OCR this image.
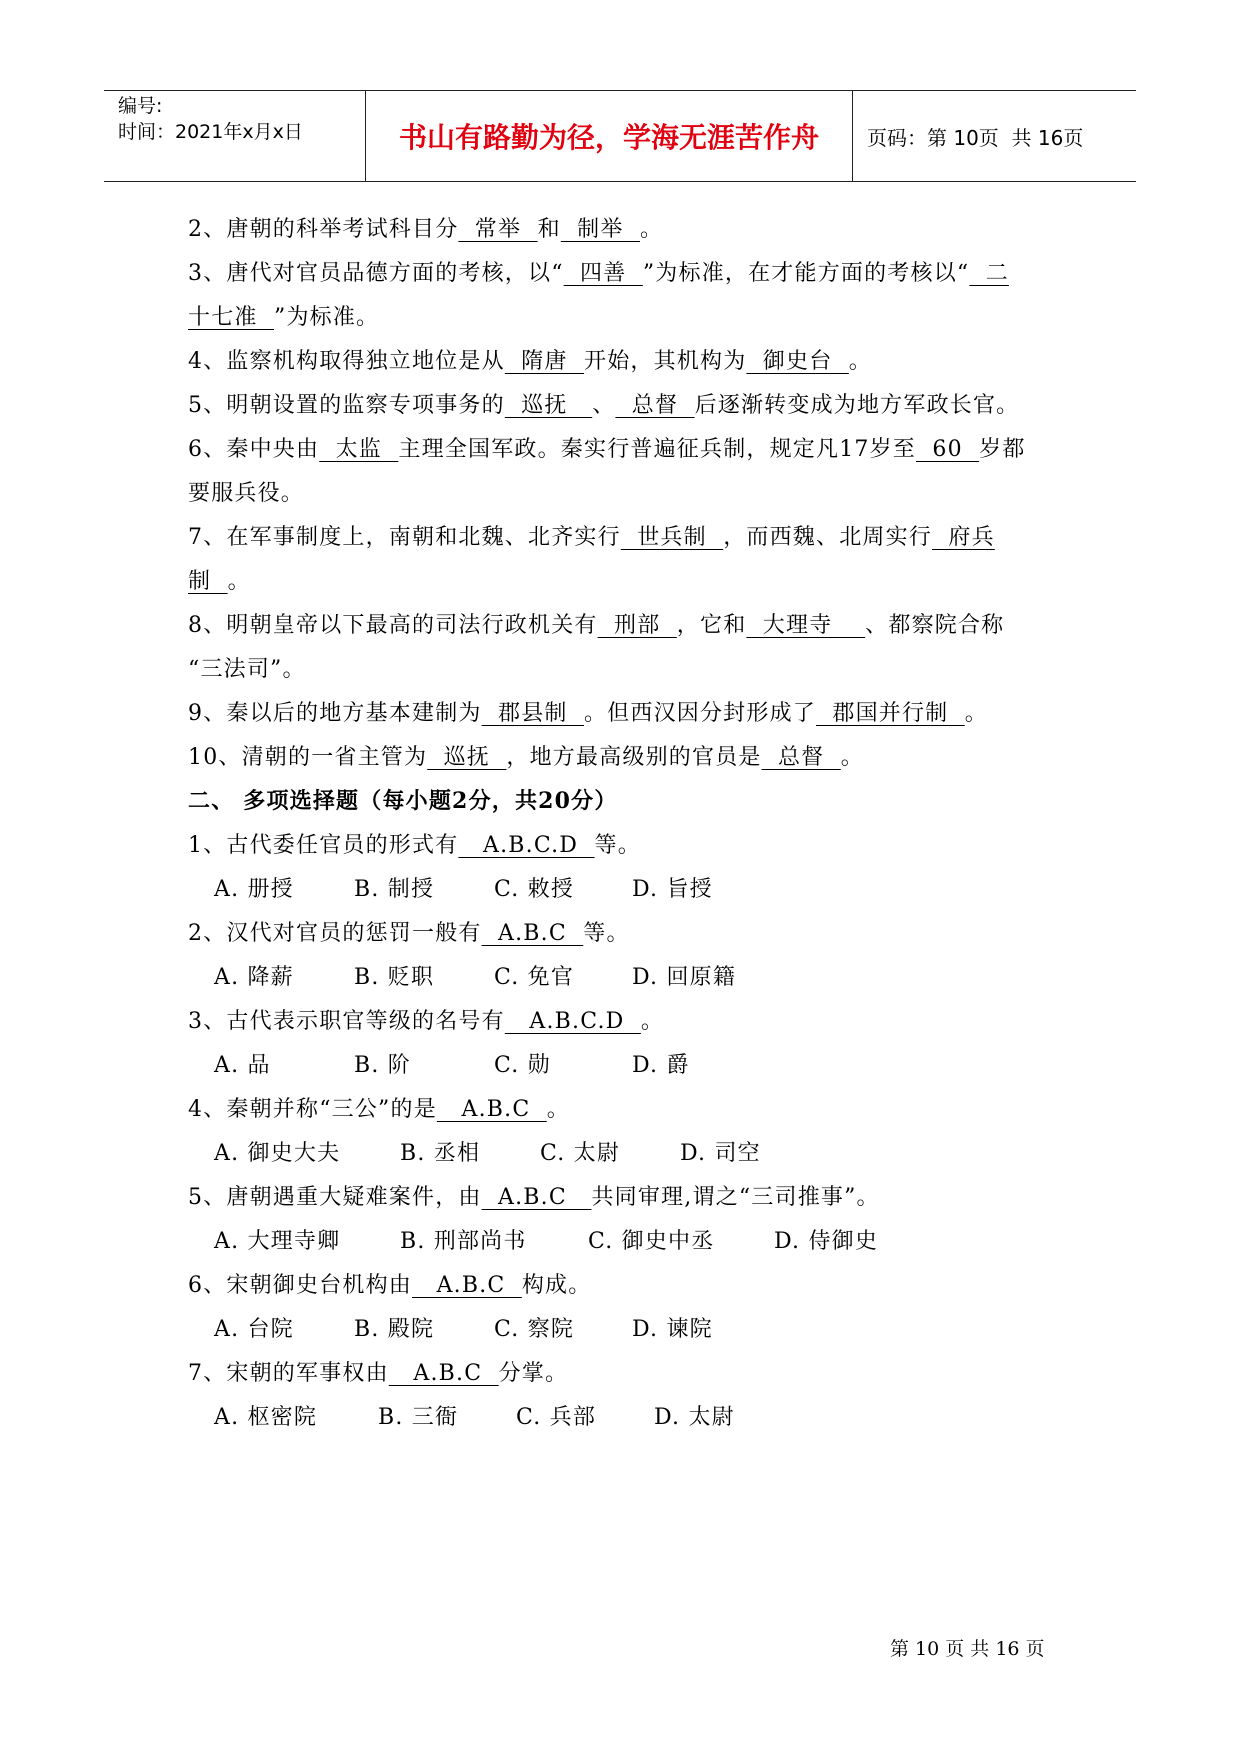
编号:
时间：2021年x月x日	书山有路勤为径，学海无涯苦作舟 页码：第 10页  共 16页
2、唐朝的科举考试科目分  常举  和  制举  。
3、唐代对官员品德方面的考核，以“  四善  ”为标准，在才能方面的考核以“  二
十七准  ”为标准。
4、监察机构取得独立地位是从  隋唐  开始，其机构为  御史台  。
5、明朝设置的监察专项事务的  巡抚   、  总督  后逐渐转变成为地方军政长官。
6、秦中央由  太监  主理全国军政。秦实行普遍征兵制，规定凡17岁至  60  岁都
要服兵役。
7、在军事制度上，南朝和北魏、北齐实行  世兵制  ，而西魏、北周实行  府兵
制  。
8、明朝皇帝以下最高的司法行政机关有  刑部  ，它和  大理寺    、都察院合称
“三法司”。
9、秦以后的地方基本建制为  郡县制  。但西汉因分封形成了  郡国并行制  。
10、清朝的一省主管为  巡抚  ，地方最高级别的官员是  总督  。
二、 多项选择题（每小题2分，共20分）
1、古代委任官员的形式有   A.B.C.D  等。
A. 册授	B. 制授	C. 敕授	D. 旨授
2、汉代对官员的惩罚一般有  A.B.C  等。
A. 降薪	B. 贬职	C. 免官	D. 回原籍
3、古代表示职官等级的名号有   A.B.C.D  。
A. 品	B. 阶	C. 勋	D. 爵
4、秦朝并称“三公”的是   A.B.C  。
A. 御史大夫	B. 丞相	C. 太尉	D. 司空
5、唐朝遇重大疑难案件，由  A.B.C   共同审理,谓之“三司推事”。
A. 大理寺卿	B. 刑部尚书	C. 御史中丞	D. 侍御史
6、宋朝御史台机构由   A.B.C  构成。
A. 台院	B. 殿院	C. 察院	D. 谏院
7、宋朝的军事权由   A.B.C  分掌。
A. 枢密院	B. 三衙	C. 兵部	D. 太尉
第 10 页 共 16 页
